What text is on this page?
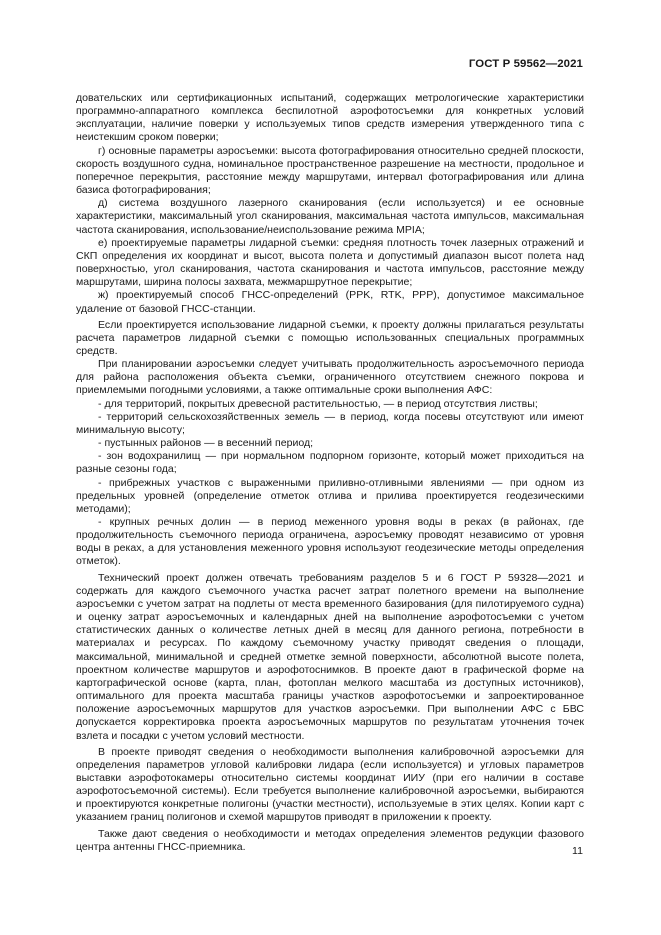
ГОСТ Р 59562—2021

довательских или сертификационных испытаний, содержащих метрологические характеристики программно-аппаратного комплекса беспилотной аэрофотосъемки для конкретных условий эксплуатации, наличие поверки у используемых типов средств измерения утвержденного типа с неистекшим сроком поверки;

г) основные параметры аэросъемки: высота фотографирования относительно средней плоскости, скорость воздушного судна, номинальное пространственное разрешение на местности, продольное и поперечное перекрытия, расстояние между маршрутами, интервал фотографирования или длина базиса фотографирования;

д) система воздушного лазерного сканирования (если используется) и ее основные характеристики, максимальный угол сканирования, максимальная частота импульсов, максимальная частота сканирования, использование/неиспользование режима MPIA;

е) проектируемые параметры лидарной съемки: средняя плотность точек лазерных отражений и СКП определения их координат и высот, высота полета и допустимый диапазон высот полета над поверхностью, угол сканирования, частота сканирования и частота импульсов, расстояние между маршрутами, ширина полосы захвата, межмаршрутное перекрытие;

ж) проектируемый способ ГНСС-определений (PPK, RTK, PPP), допустимое максимальное удаление от базовой ГНСС-станции.

Если проектируется использование лидарной съемки, к проекту должны прилагаться результаты расчета параметров лидарной съемки с помощью использованных специальных программных средств.

При планировании аэросъемки следует учитывать продолжительность аэросъемочного периода для района расположения объекта съемки, ограниченного отсутствием снежного покрова и приемлемыми погодными условиями, а также оптимальные сроки выполнения АФС:

- для территорий, покрытых древесной растительностью, — в период отсутствия листвы;

- территорий сельскохозяйственных земель — в период, когда посевы отсутствуют или имеют минимальную высоту;

- пустынных районов — в весенний период;

- зон водохранилищ — при нормальном подпорном горизонте, который может приходиться на разные сезоны года;

- прибрежных участков с выраженными приливно-отливными явлениями — при одном из предельных уровней (определение отметок отлива и прилива проектируется геодезическими методами);

- крупных речных долин — в период меженного уровня воды в реках (в районах, где продолжительность съемочного периода ограничена, аэросъемку проводят независимо от уровня воды в реках, а для установления меженного уровня используют геодезические методы определения отметок).

Технический проект должен отвечать требованиям разделов 5 и 6 ГОСТ Р 59328—2021 и содержать для каждого съемочного участка расчет затрат полетного времени на выполнение аэросъемки с учетом затрат на подлеты от места временного базирования (для пилотируемого судна) и оценку затрат аэросъемочных и календарных дней на выполнение аэрофотосъемки с учетом статистических данных о количестве летных дней в месяц для данного региона, потребности в материалах и ресурсах. По каждому съемочному участку приводят сведения о площади, максимальной, минимальной и средней отметке земной поверхности, абсолютной высоте полета, проектном количестве маршрутов и аэрофотоснимков. В проекте дают в графической форме на картографической основе (карта, план, фотоплан мелкого масштаба из доступных источников), оптимального для проекта масштаба границы участков аэрофотосъемки и запроектированное положение аэросъемочных маршрутов для участков аэросъемки. При выполнении АФС с БВС допускается корректировка проекта аэросъемочных маршрутов по результатам уточнения точек взлета и посадки с учетом условий местности.

В проекте приводят сведения о необходимости выполнения калибровочной аэросъемки для определения параметров угловой калибровки лидара (если используется) и угловых параметров выставки аэрофотокамеры относительно системы координат ИИУ (при его наличии в составе аэрофотосъемочной системы). Если требуется выполнение калибровочной аэросъемки, выбираются и проектируются конкретные полигоны (участки местности), используемые в этих целях. Копии карт с указанием границ полигонов и схемой маршрутов приводят в приложении к проекту.

Также дают сведения о необходимости и методах определения элементов редукции фазового центра антенны ГНСС-приемника.	11
